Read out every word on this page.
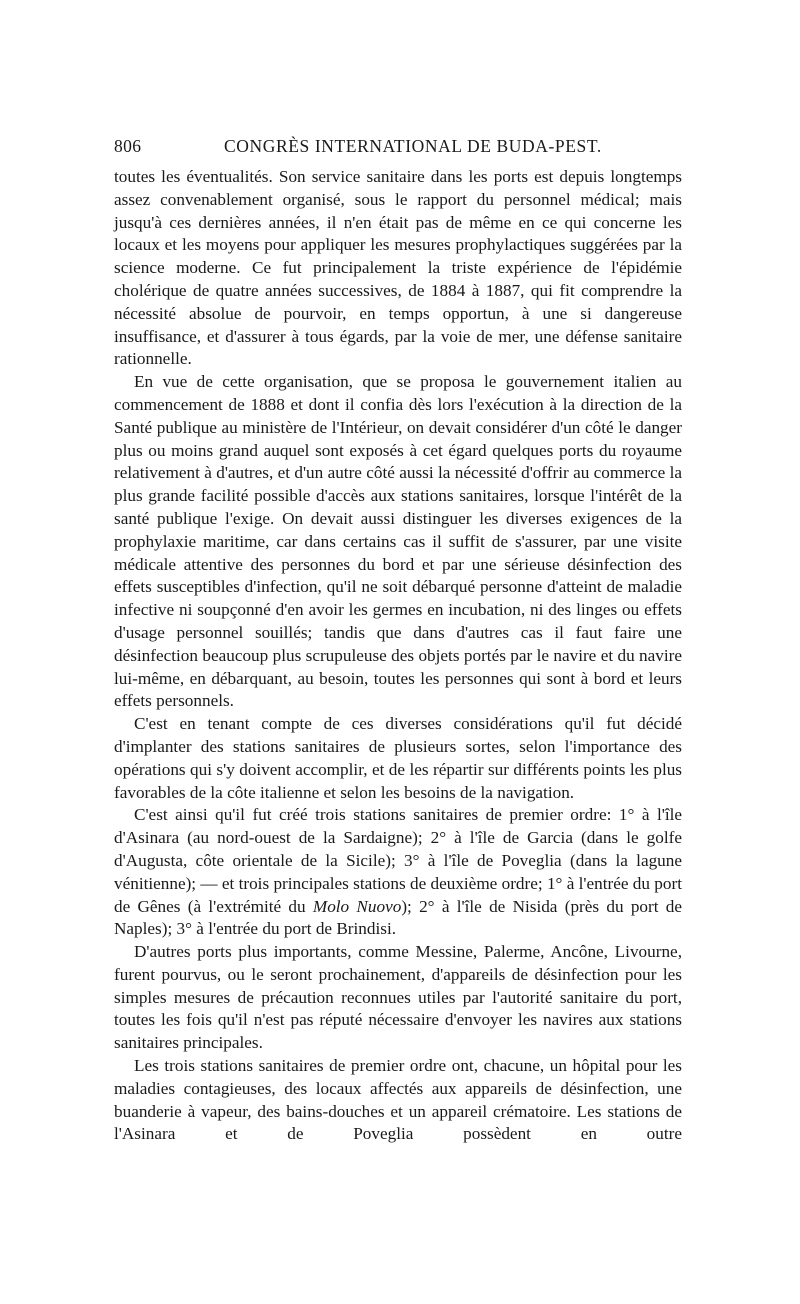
806	CONGRÈS INTERNATIONAL DE BUDA-PEST.

toutes les éventualités. Son service sanitaire dans les ports est depuis longtemps assez convenablement organisé, sous le rapport du personnel médical; mais jusqu'à ces dernières années, il n'en était pas de même en ce qui concerne les locaux et les moyens pour appliquer les mesures prophylactiques suggérées par la science moderne. Ce fut principalement la triste expérience de l'épidémie cholérique de quatre années successives, de 1884 à 1887, qui fit comprendre la nécessité absolue de pourvoir, en temps opportun, à une si dangereuse insuffisance, et d'assurer à tous égards, par la voie de mer, une défense sanitaire rationnelle.

En vue de cette organisation, que se proposa le gouvernement italien au commencement de 1888 et dont il confia dès lors l'exécution à la direction de la Santé publique au ministère de l'Intérieur, on devait considérer d'un côté le danger plus ou moins grand auquel sont exposés à cet égard quelques ports du royaume relativement à d'autres, et d'un autre côté aussi la nécessité d'offrir au commerce la plus grande facilité possible d'accès aux stations sanitaires, lorsque l'intérêt de la santé publique l'exige. On devait aussi distinguer les diverses exigences de la prophylaxie maritime, car dans certains cas il suffit de s'assurer, par une visite médicale attentive des personnes du bord et par une sérieuse désinfection des effets susceptibles d'infection, qu'il ne soit débarqué personne d'atteint de maladie infective ni soupçonné d'en avoir les germes en incubation, ni des linges ou effets d'usage personnel souillés; tandis que dans d'autres cas il faut faire une désinfection beaucoup plus scrupuleuse des objets portés par le navire et du navire lui-même, en débarquant, au besoin, toutes les personnes qui sont à bord et leurs effets personnels.

C'est en tenant compte de ces diverses considérations qu'il fut décidé d'implanter des stations sanitaires de plusieurs sortes, selon l'importance des opérations qui s'y doivent accomplir, et de les répartir sur différents points les plus favorables de la côte italienne et selon les besoins de la navigation.

C'est ainsi qu'il fut créé trois stations sanitaires de premier ordre: 1° à l'île d'Asinara (au nord-ouest de la Sardaigne); 2° à l'île de Garcia (dans le golfe d'Augusta, côte orientale de la Sicile); 3° à l'île de Poveglia (dans la lagune vénitienne); — et trois principales stations de deuxième ordre; 1° à l'entrée du port de Gênes (à l'extrémité du Molo Nuovo); 2° à l'île de Nisida (près du port de Naples); 3° à l'entrée du port de Brindisi.

D'autres ports plus importants, comme Messine, Palerme, Ancône, Livourne, furent pourvus, ou le seront prochainement, d'appareils de désinfection pour les simples mesures de précaution reconnues utiles par l'autorité sanitaire du port, toutes les fois qu'il n'est pas réputé nécessaire d'envoyer les navires aux stations sanitaires principales.

Les trois stations sanitaires de premier ordre ont, chacune, un hôpital pour les maladies contagieuses, des locaux affectés aux appareils de désinfection, une buanderie à vapeur, des bains-douches et un appareil crématoire. Les stations de l'Asinara et de Poveglia possèdent en outre
